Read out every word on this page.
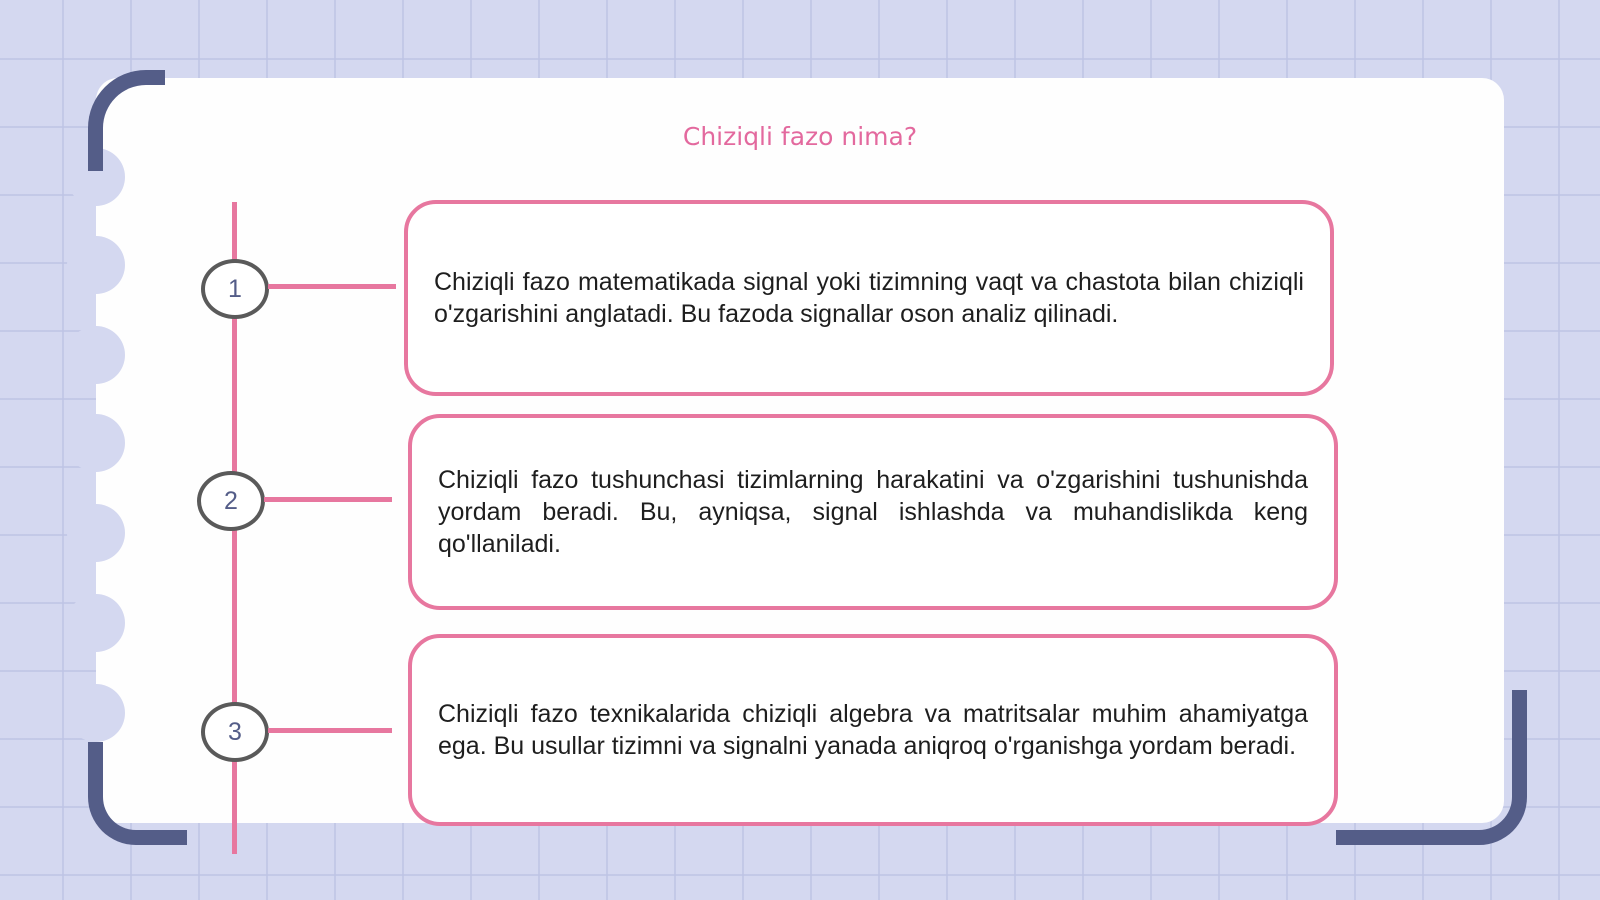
Chiziqli fazo nima?
1	Chiziqli fazo matematikada signal yoki tizimning vaqt va chastota bilan chiziqli o'zgarishini anglatadi. Bu fazoda signallar oson analiz qilinadi.

2

Chiziqli fazo tushunchasi tizimlarning harakatini va o'zgarishini tushunishda yordam beradi. Bu, ayniqsa, signal ishlashda va muhandislikda keng qo'llaniladi.

3

Chiziqli fazo texnikalarida chiziqli algebra va matritsalar muhim ahamiyatga ega. Bu usullar tizimni va signalni yanada aniqroq o'rganishga yordam beradi.
